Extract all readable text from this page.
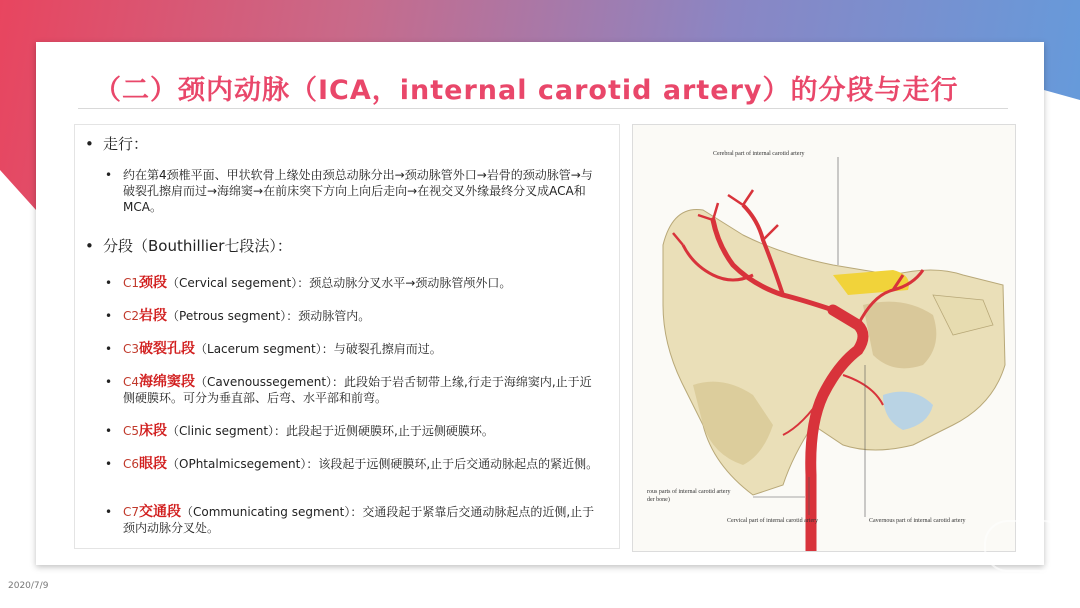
（二）颈内动脉（ICA，internal carotid artery）的分段与走行
• 走行：
• 约在第4颈椎平面、甲状软骨上缘处由颈总动脉分出→颈动脉管外口→岩骨的颈动脉管→与破裂孔擦肩而过→海绵窦→在前床突下方向上向后走向→在视交叉外缘最终分叉成ACA和MCA。
• 分段（Bouthillier七段法）：
• C1颈段（Cervical segement）：颈总动脉分叉水平→颈动脉管颅外口。
• C2岩段（Petrous segment）：颈动脉管内。
• C3破裂孔段（Lacerum segment）：与破裂孔擦肩而过。
• C4海绵窦段（Cavenoussegement）：此段始于岩舌韧带上缘,行走于海绵窦内,止于近侧硬膜环。可分为垂直部、后弯、水平部和前弯。
• C5床段（Clinic segment）：此段起于近侧硬膜环,止于远侧硬膜环。
• C6眼段（OPhtalmicsegement）：该段起于远侧硬膜环,止于后交通动脉起点的紧近侧。
• C7交通段（Communicating segment）：交通段起于紧靠后交通动脉起点的近侧,止于颈内动脉分叉处。
Cerebral part of internal carotid artery
rous parts of internal carotid artery
der bone)
Cervical part of internal carotid artery	Cavernous part of internal carotid artery
2020/7/9
